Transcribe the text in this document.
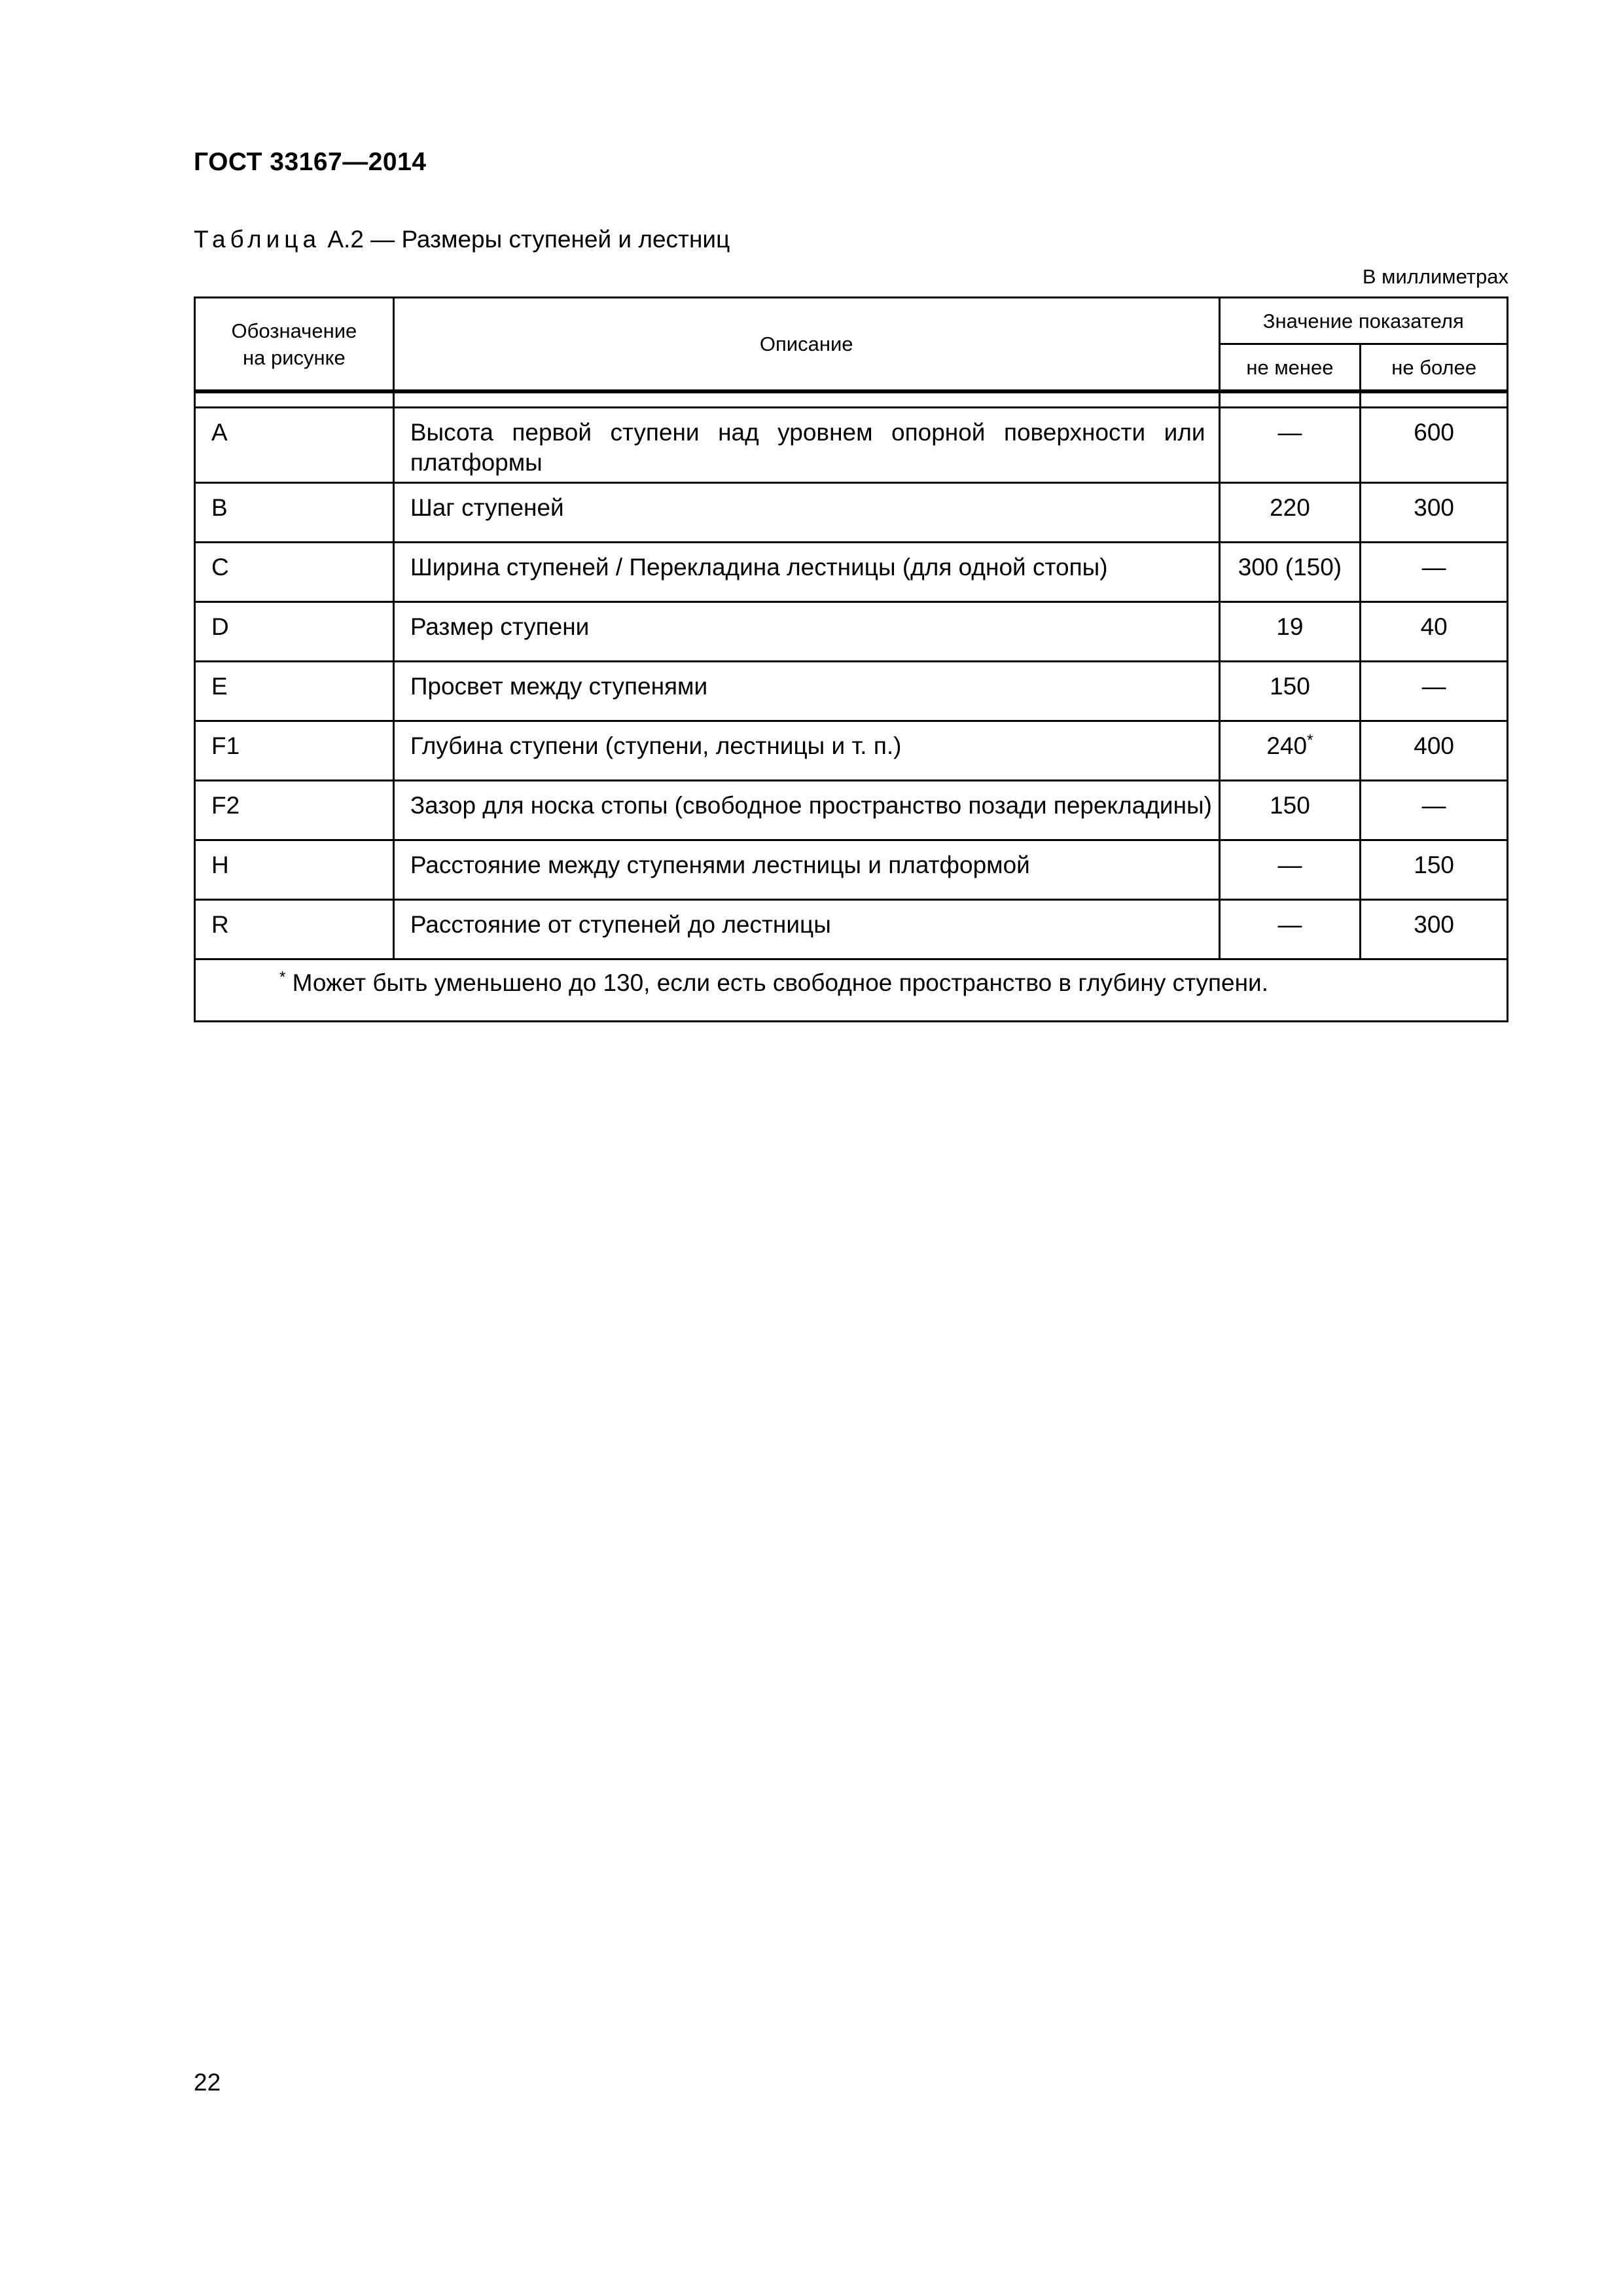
ГОСТ 33167—2014
Таблица А.2 — Размеры ступеней и лестниц
В миллиметрах
Обозначение на рисунке	Описание	Значение показателя	
		не менее	не более

A	Высота первой ступени над уровнем опорной поверхности или платформы	—	600
B	Шаг ступеней	220	300
C	Ширина ступеней / Перекладина лестницы (для одной стопы)	300 (150)	—
D	Размер ступени	19	40
E	Просвет между ступенями	150	—
F1	Глубина ступени (ступени, лестницы и т. п.)	240*	400
F2	Зазор для носка стопы (свободное пространство позади перекладины)	150	—
H	Расстояние между ступенями лестницы и платформой	—	150
R	Расстояние от ступеней до лестницы	—	300
* Может быть уменьшено до 130, если есть свободное пространство в глубину ступени.			
22
